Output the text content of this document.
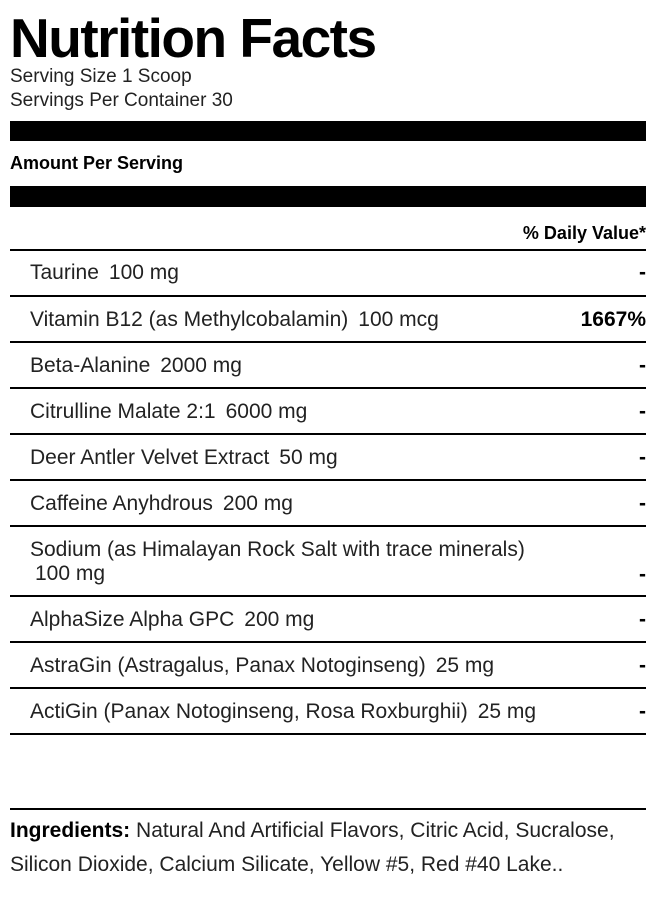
Nutrition Facts
Serving Size 1 Scoop
Servings Per Container 30
Amount Per Serving
% Daily Value*
Taurine 100 mg	-
Vitamin B12 (as Methylcobalamin) 100 mcg	1667%
Beta-Alanine 2000 mg	-
Citrulline Malate 2:1 6000 mg	-
Deer Antler Velvet Extract 50 mg	-
Caffeine Anyhdrous 200 mg	-
Sodium (as Himalayan Rock Salt with trace minerals)
100 mg	-
AlphaSize Alpha GPC 200 mg	-
AstraGin (Astragalus, Panax Notoginseng) 25 mg	-
ActiGin (Panax Notoginseng, Rosa Roxburghii) 25 mg	-
Ingredients: Natural And Artificial Flavors, Citric Acid, Sucralose, Silicon Dioxide, Calcium Silicate, Yellow #5, Red #40 Lake..
